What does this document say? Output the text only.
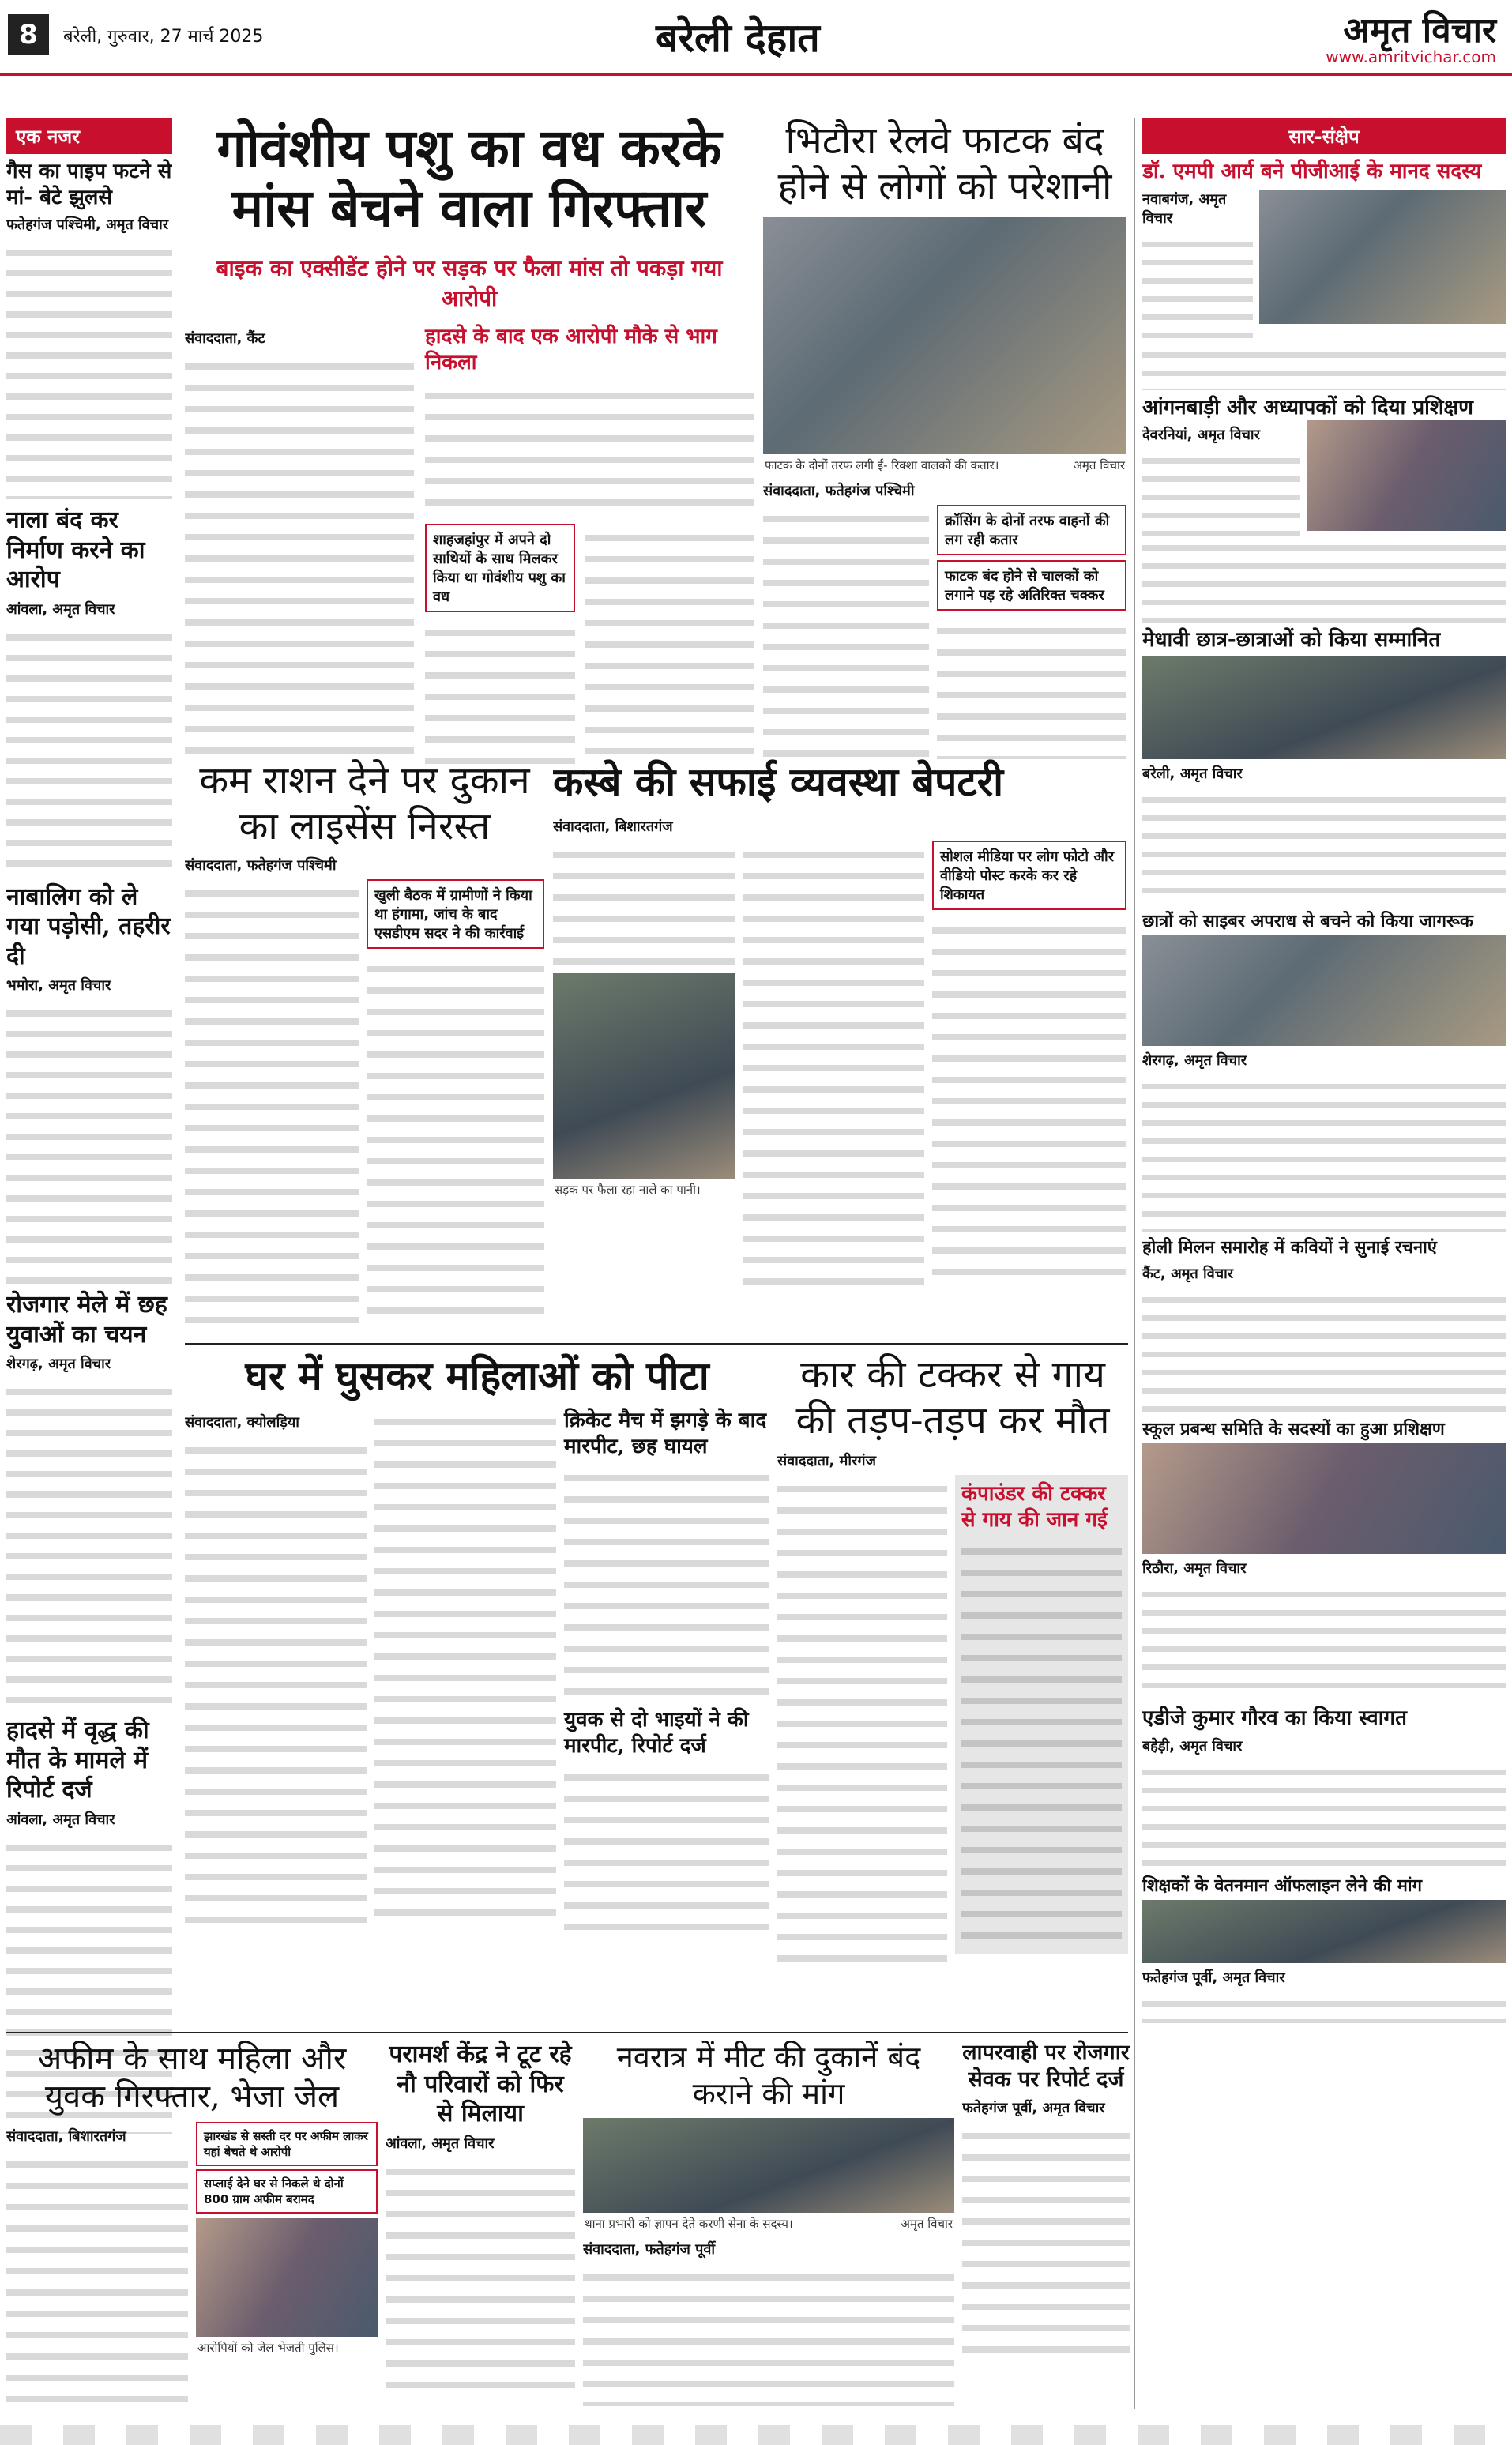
8	बरेली, गुरुवार, 27 मार्च 2025	बरेली देहात	अमृत विचार
www.amritvichar.com
एक नजर
गैस का पाइप फटने से मां- बेटे झुलसे
फतेहगंज पश्चिमी, अमृत विचार
नाला बंद कर निर्माण करने का आरोप
आंवला, अमृत विचार
नाबालिग को ले गया पड़ोसी, तहरीर दी
भमोरा, अमृत विचार
रोजगार मेले में छह युवाओं का चयन
शेरगढ़, अमृत विचार
हादसे में वृद्ध की मौत के मामले में रिपोर्ट दर्ज
आंवला, अमृत विचार
गोवंशीय पशु का वध करके मांस बेचने वाला गिरफ्तार
बाइक का एक्सीडेंट होने पर सड़क पर फैला मांस तो पकड़ा गया आरोपी
संवाददाता, कैंट	हादसे के बाद एक आरोपी मौके से भाग निकला
शाहजहांपुर में अपने दो साथियों के साथ मिलकर किया था गोवंशीय पशु का वध
भिटौरा रेलवे फाटक बंद होने से लोगों को परेशानी
फाटक के दोनों तरफ लगी ई- रिक्शा वालकों की कतार।	अमृत विचार
संवाददाता, फतेहगंज पश्चिमी
क्रॉसिंग के दोनों तरफ वाहनों की लग रही कतार
फाटक बंद होने से चालकों को लगाने पड़ रहे अतिरिक्त चक्कर
कम राशन देने पर दुकान का लाइसेंस निरस्त
संवाददाता, फतेहगंज पश्चिमी
खुली बैठक में ग्रामीणों ने किया था हंगामा, जांच के बाद एसडीएम सदर ने की कार्रवाई
कस्बे की सफाई व्यवस्था बेपटरी
संवाददाता, बिशारतगंज
सड़क पर फैला रहा नाले का पानी।
सोशल मीडिया पर लोग फोटो और वीडियो पोस्ट करके कर रहे शिकायत
घर में घुसकर महिलाओं को पीटा
संवाददाता, क्योलड़िया	क्रिकेट मैच में झगड़े के बाद मारपीट, छह घायल
युवक से दो भाइयों ने की मारपीट, रिपोर्ट दर्ज
कार की टक्कर से गाय की तड़प-तड़प कर मौत
संवाददाता, मीरगंज
कंपाउंडर की टक्कर से गाय की जान गई
अफीम के साथ महिला और युवक गिरफ्तार, भेजा जेल
संवाददाता, बिशारतगंज	झारखंड से सस्ती दर पर अफीम लाकर यहां बेचते थे आरोपी
सप्लाई देने घर से निकले थे दोनों 800 ग्राम अफीम बरामद
आरोपियों को जेल भेजती पुलिस।
परामर्श केंद्र ने टूट रहे नौ परिवारों को फिर से मिलाया
आंवला, अमृत विचार
नवरात्र में मीट की दुकानें बंद कराने की मांग
थाना प्रभारी को ज्ञापन देते करणी सेना के सदस्य।	अमृत विचार
संवाददाता, फतेहगंज पूर्वी
लापरवाही पर रोजगार सेवक पर रिपोर्ट दर्ज
फतेहगंज पूर्वी, अमृत विचार
सार-संक्षेप
डॉ. एमपी आर्य बने पीजीआई के मानद सदस्य
नवाबगंज, अमृत विचार
आंगनबाड़ी और अध्यापकों को दिया प्रशिक्षण
देवरनियां, अमृत विचार
मेधावी छात्र-छात्राओं को किया सम्मानित
बरेली, अमृत विचार
छात्रों को साइबर अपराध से बचने को किया जागरूक
शेरगढ़, अमृत विचार
होली मिलन समारोह में कवियों ने सुनाई रचनाएं
कैंट, अमृत विचार
स्कूल प्रबन्ध समिति के सदस्यों का हुआ प्रशिक्षण
रिठौरा, अमृत विचार
एडीजे कुमार गौरव का किया स्वागत
बहेड़ी, अमृत विचार
शिक्षकों के वेतनमान ऑफलाइन लेने की मांग
फतेहगंज पूर्वी, अमृत विचार
